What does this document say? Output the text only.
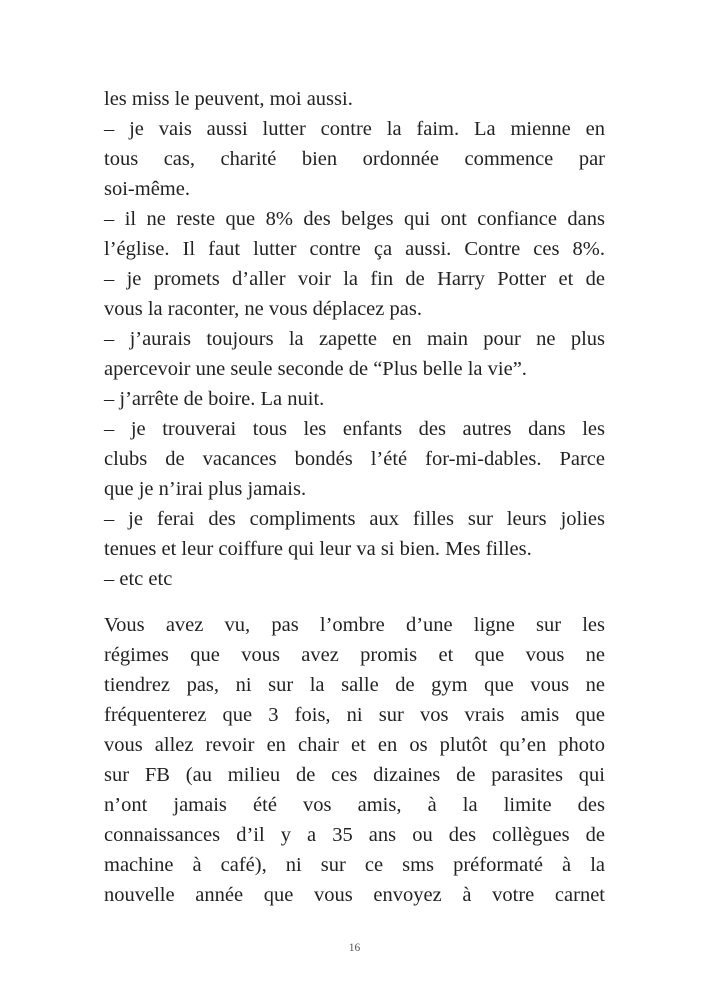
les miss le peuvent, moi aussi.
– je vais aussi lutter contre la faim. La mienne en
tous cas, charité bien ordonnée commence par
soi-même.
– il ne reste que 8% des belges qui ont confiance dans
l’église. Il faut lutter contre ça aussi. Contre ces 8%.
– je promets d’aller voir la fin de Harry Potter et de
vous la raconter, ne vous déplacez pas.
– j’aurais toujours la zapette en main pour ne plus
apercevoir une seule seconde de “Plus belle la vie”.
– j’arrête de boire. La nuit.
– je trouverai tous les enfants des autres dans les
clubs de vacances bondés l’été for-mi-dables. Parce
que je n’irai plus jamais.
– je ferai des compliments aux filles sur leurs jolies
tenues et leur coiffure qui leur va si bien. Mes filles.
– etc etc
Vous avez vu, pas l’ombre d’une ligne sur les
régimes que vous avez promis et que vous ne
tiendrez pas, ni sur la salle de gym que vous ne
fréquenterez que 3 fois, ni sur vos vrais amis que
vous allez revoir en chair et en os plutôt qu’en photo
sur FB (au milieu de ces dizaines de parasites qui
n’ont jamais été vos amis, à la limite des
connaissances d’il y a 35 ans ou des collègues de
machine à café), ni sur ce sms préformaté à la
nouvelle année que vous envoyez à votre carnet
16
